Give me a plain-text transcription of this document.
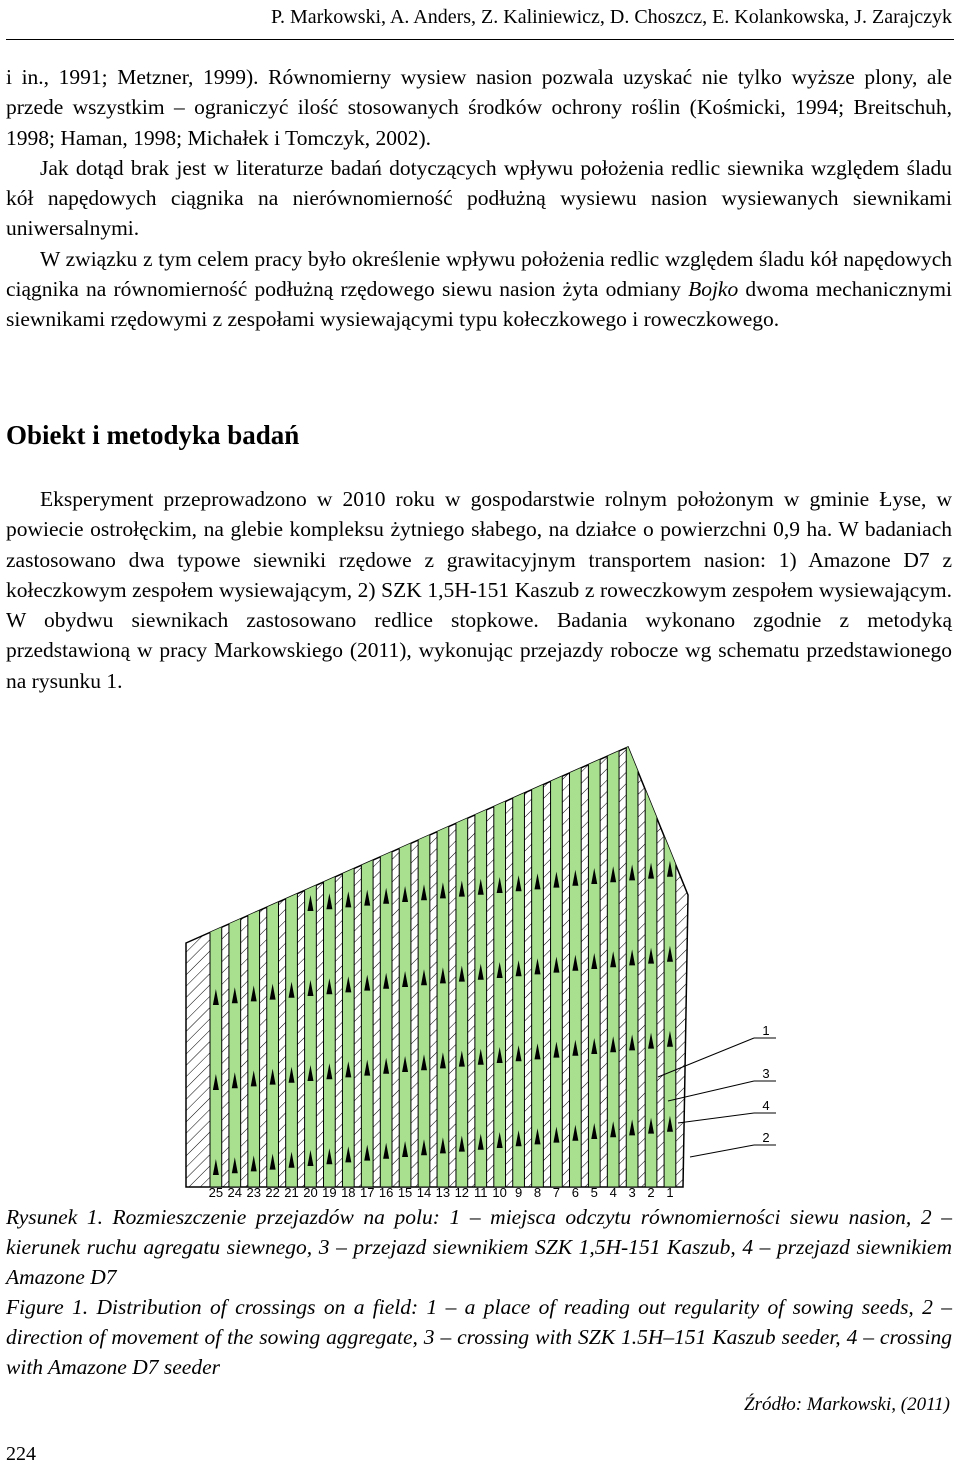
P. Markowski, A. Anders, Z. Kaliniewicz, D. Choszcz, E. Kolankowska, J. Zarajczyk

i in., 1991; Metzner, 1999). Równomierny wysiew nasion pozwala uzyskać nie tylko wyższe plony, ale przede wszystkim – ograniczyć ilość stosowanych środków ochrony roślin (Kośmicki, 1994; Breitschuh, 1998; Haman, 1998; Michałek i Tomczyk, 2002).

Jak dotąd brak jest w literaturze badań dotyczących wpływu położenia redlic siewnika względem śladu kół napędowych ciągnika na nierównomierność podłużną wysiewu nasion wysiewanych siewnikami uniwersalnymi.

W związku z tym celem pracy było określenie wpływu położenia redlic względem śladu kół napędowych ciągnika na równomierność podłużną rzędowego siewu nasion żyta odmiany Bojko dwoma mechanicznymi siewnikami rzędowymi z zespołami wysiewającymi typu kołeczkowego i roweczkowego.

Obiekt i metodyka badań

Eksperyment przeprowadzono w 2010 roku w gospodarstwie rolnym położonym w gminie Łyse, w powiecie ostrołęckim, na glebie kompleksu żytniego słabego, na działce o powierzchni 0,9 ha. W badaniach zastosowano dwa typowe siewniki rzędowe z grawitacyjnym transportem nasion: 1) Amazone D7 z kołeczkowym zespołem wysiewającym, 2) SZK 1,5H-151 Kaszub z roweczkowym zespołem wysiewającym. W obydwu siewnikach zastosowano redlice stopkowe. Badania wykonano zgodnie z metodyką przedstawioną w pracy Markowskiego (2011), wykonując przejazdy robocze wg schematu przedstawionego na rysunku 1.

25 24 23 22 21 20 19 18 17 16 15 14 13 12 11 10 9 8 7 6 5 4 3 2 1
1
3
4
2

Rysunek 1. Rozmieszczenie przejazdów na polu: 1 – miejsca odczytu równomierności siewu nasion, 2 – kierunek ruchu agregatu siewnego, 3 – przejazd siewnikiem SZK 1,5H-151 Kaszub, 4 – przejazd siewnikiem Amazone D7

Figure 1. Distribution of crossings on a field: 1 – a place of reading out regularity of sowing seeds, 2 – direction of movement of the sowing aggregate, 3 – crossing with SZK 1.5H–151 Kaszub seeder, 4 – crossing with Amazone D7 seeder

Źródło: Markowski, (2011)
224
